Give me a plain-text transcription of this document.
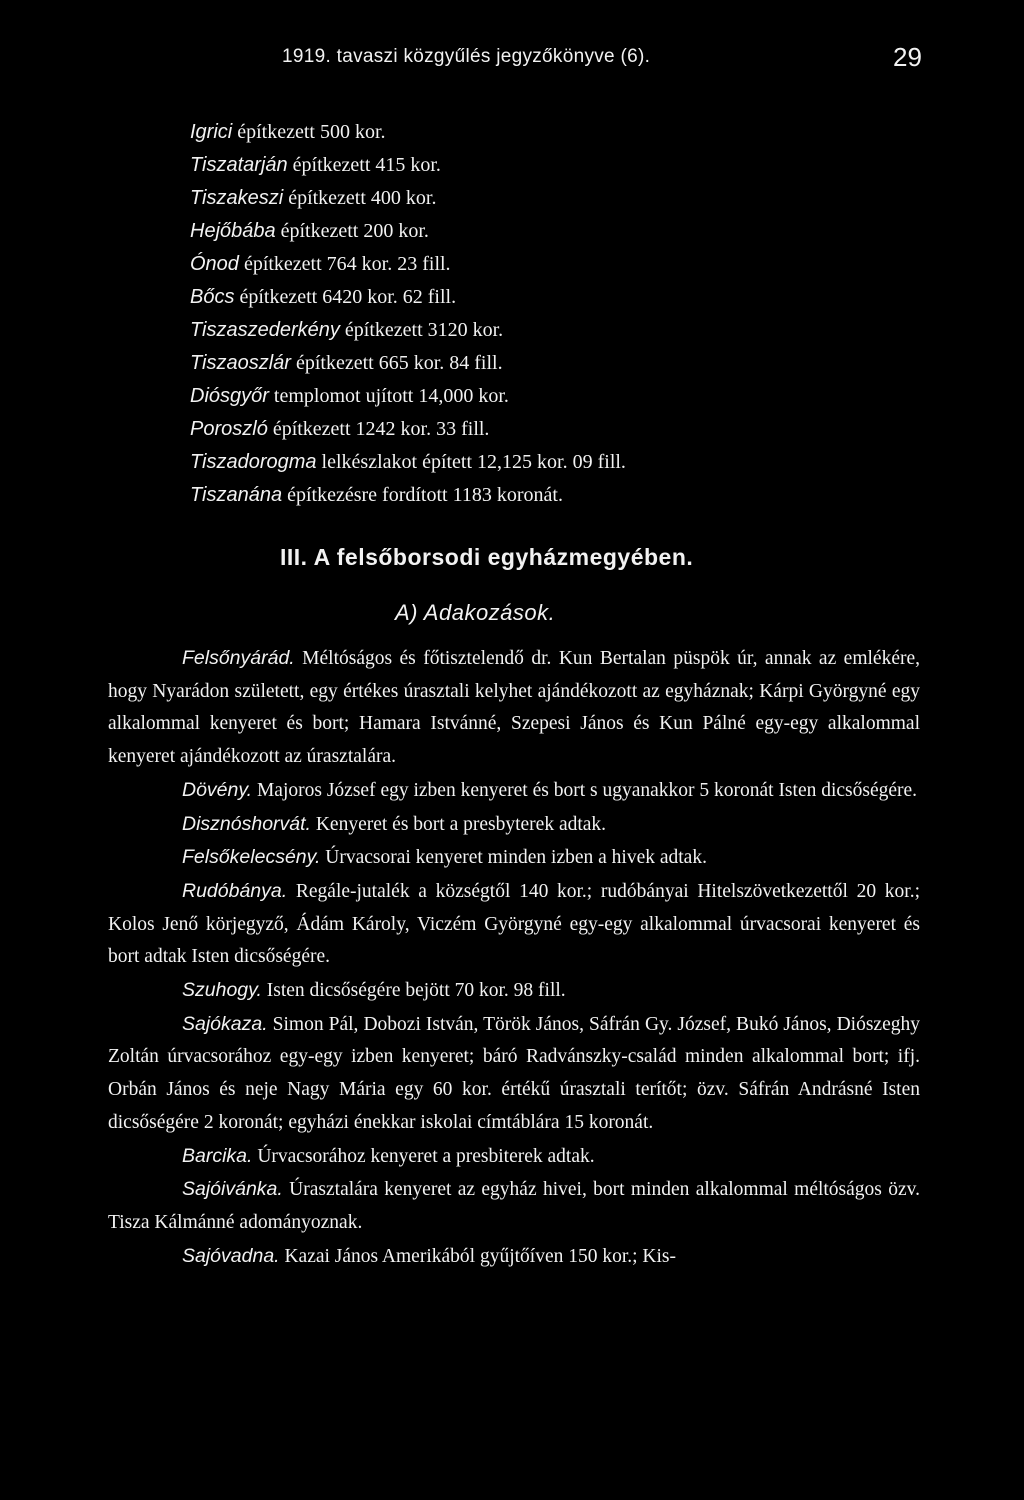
1919. tavaszi közgyűlés jegyzőkönyve (6).	29
Igrici építkezett 500 kor.
Tiszatarján építkezett 415 kor.
Tiszakeszi építkezett 400 kor.
Hejőbába építkezett 200 kor.
Ónod építkezett 764 kor. 23 fill.
Bőcs építkezett 6420 kor. 62 fill.
Tiszaszederkény építkezett 3120 kor.
Tiszaoszlár építkezett 665 kor. 84 fill.
Diósgyőr templomot ujított 14,000 kor.
Poroszló építkezett 1242 kor. 33 fill.
Tiszadorogma lelkészlakot épített 12,125 kor. 09 fill.
Tiszanána építkezésre fordított 1183 koronát.
III. A felsőborsodi egyházmegyében.
A) Adakozások.

Felsőnyárád. Méltóságos és főtisztelendő dr. Kun Bertalan püspök úr, annak az emlékére, hogy Nyarádon született, egy értékes úrasztali kelyhet ajándékozott az egyháznak; Kárpi Györgyné egy alkalommal kenyeret és bort; Hamara Istvánné, Szepesi János és Kun Pálné egy-egy alkalommal kenyeret ajándékozott az úrasztalára.

Dövény. Majoros József egy izben kenyeret és bort s ugyanakkor 5 koronát Isten dicsőségére.

Disznóshorvát. Kenyeret és bort a presbyterek adtak.

Felsőkelecsény. Úrvacsorai kenyeret minden izben a hivek adtak.

Rudóbánya. Regále-jutalék a községtől 140 kor.; rudóbányai Hitelszövetkezettől 20 kor.; Kolos Jenő körjegyző, Ádám Károly, Viczém Györgyné egy-egy alkalommal úrvacsorai kenyeret és bort adtak Isten dicsőségére.

Szuhogy. Isten dicsőségére bejött 70 kor. 98 fill.

Sajókaza. Simon Pál, Dobozi István, Török János, Sáfrán Gy. József, Bukó János, Diószeghy Zoltán úrvacsorához egy-egy izben kenyeret; báró Radvánszky-család minden alkalommal bort; ifj. Orbán János és neje Nagy Mária egy 60 kor. értékű úrasztali terítőt; özv. Sáfrán Andrásné Isten dicsőségére 2 koronát; egyházi énekkar iskolai címtáblára 15 koronát.

Barcika. Úrvacsorához kenyeret a presbiterek adtak.

Sajóivánka. Úrasztalára kenyeret az egyház hivei, bort minden alkalommal méltóságos özv. Tisza Kálmánné adományoznak.

Sajóvadna. Kazai János Amerikából gyűjtőíven 150 kor.; Kis-
